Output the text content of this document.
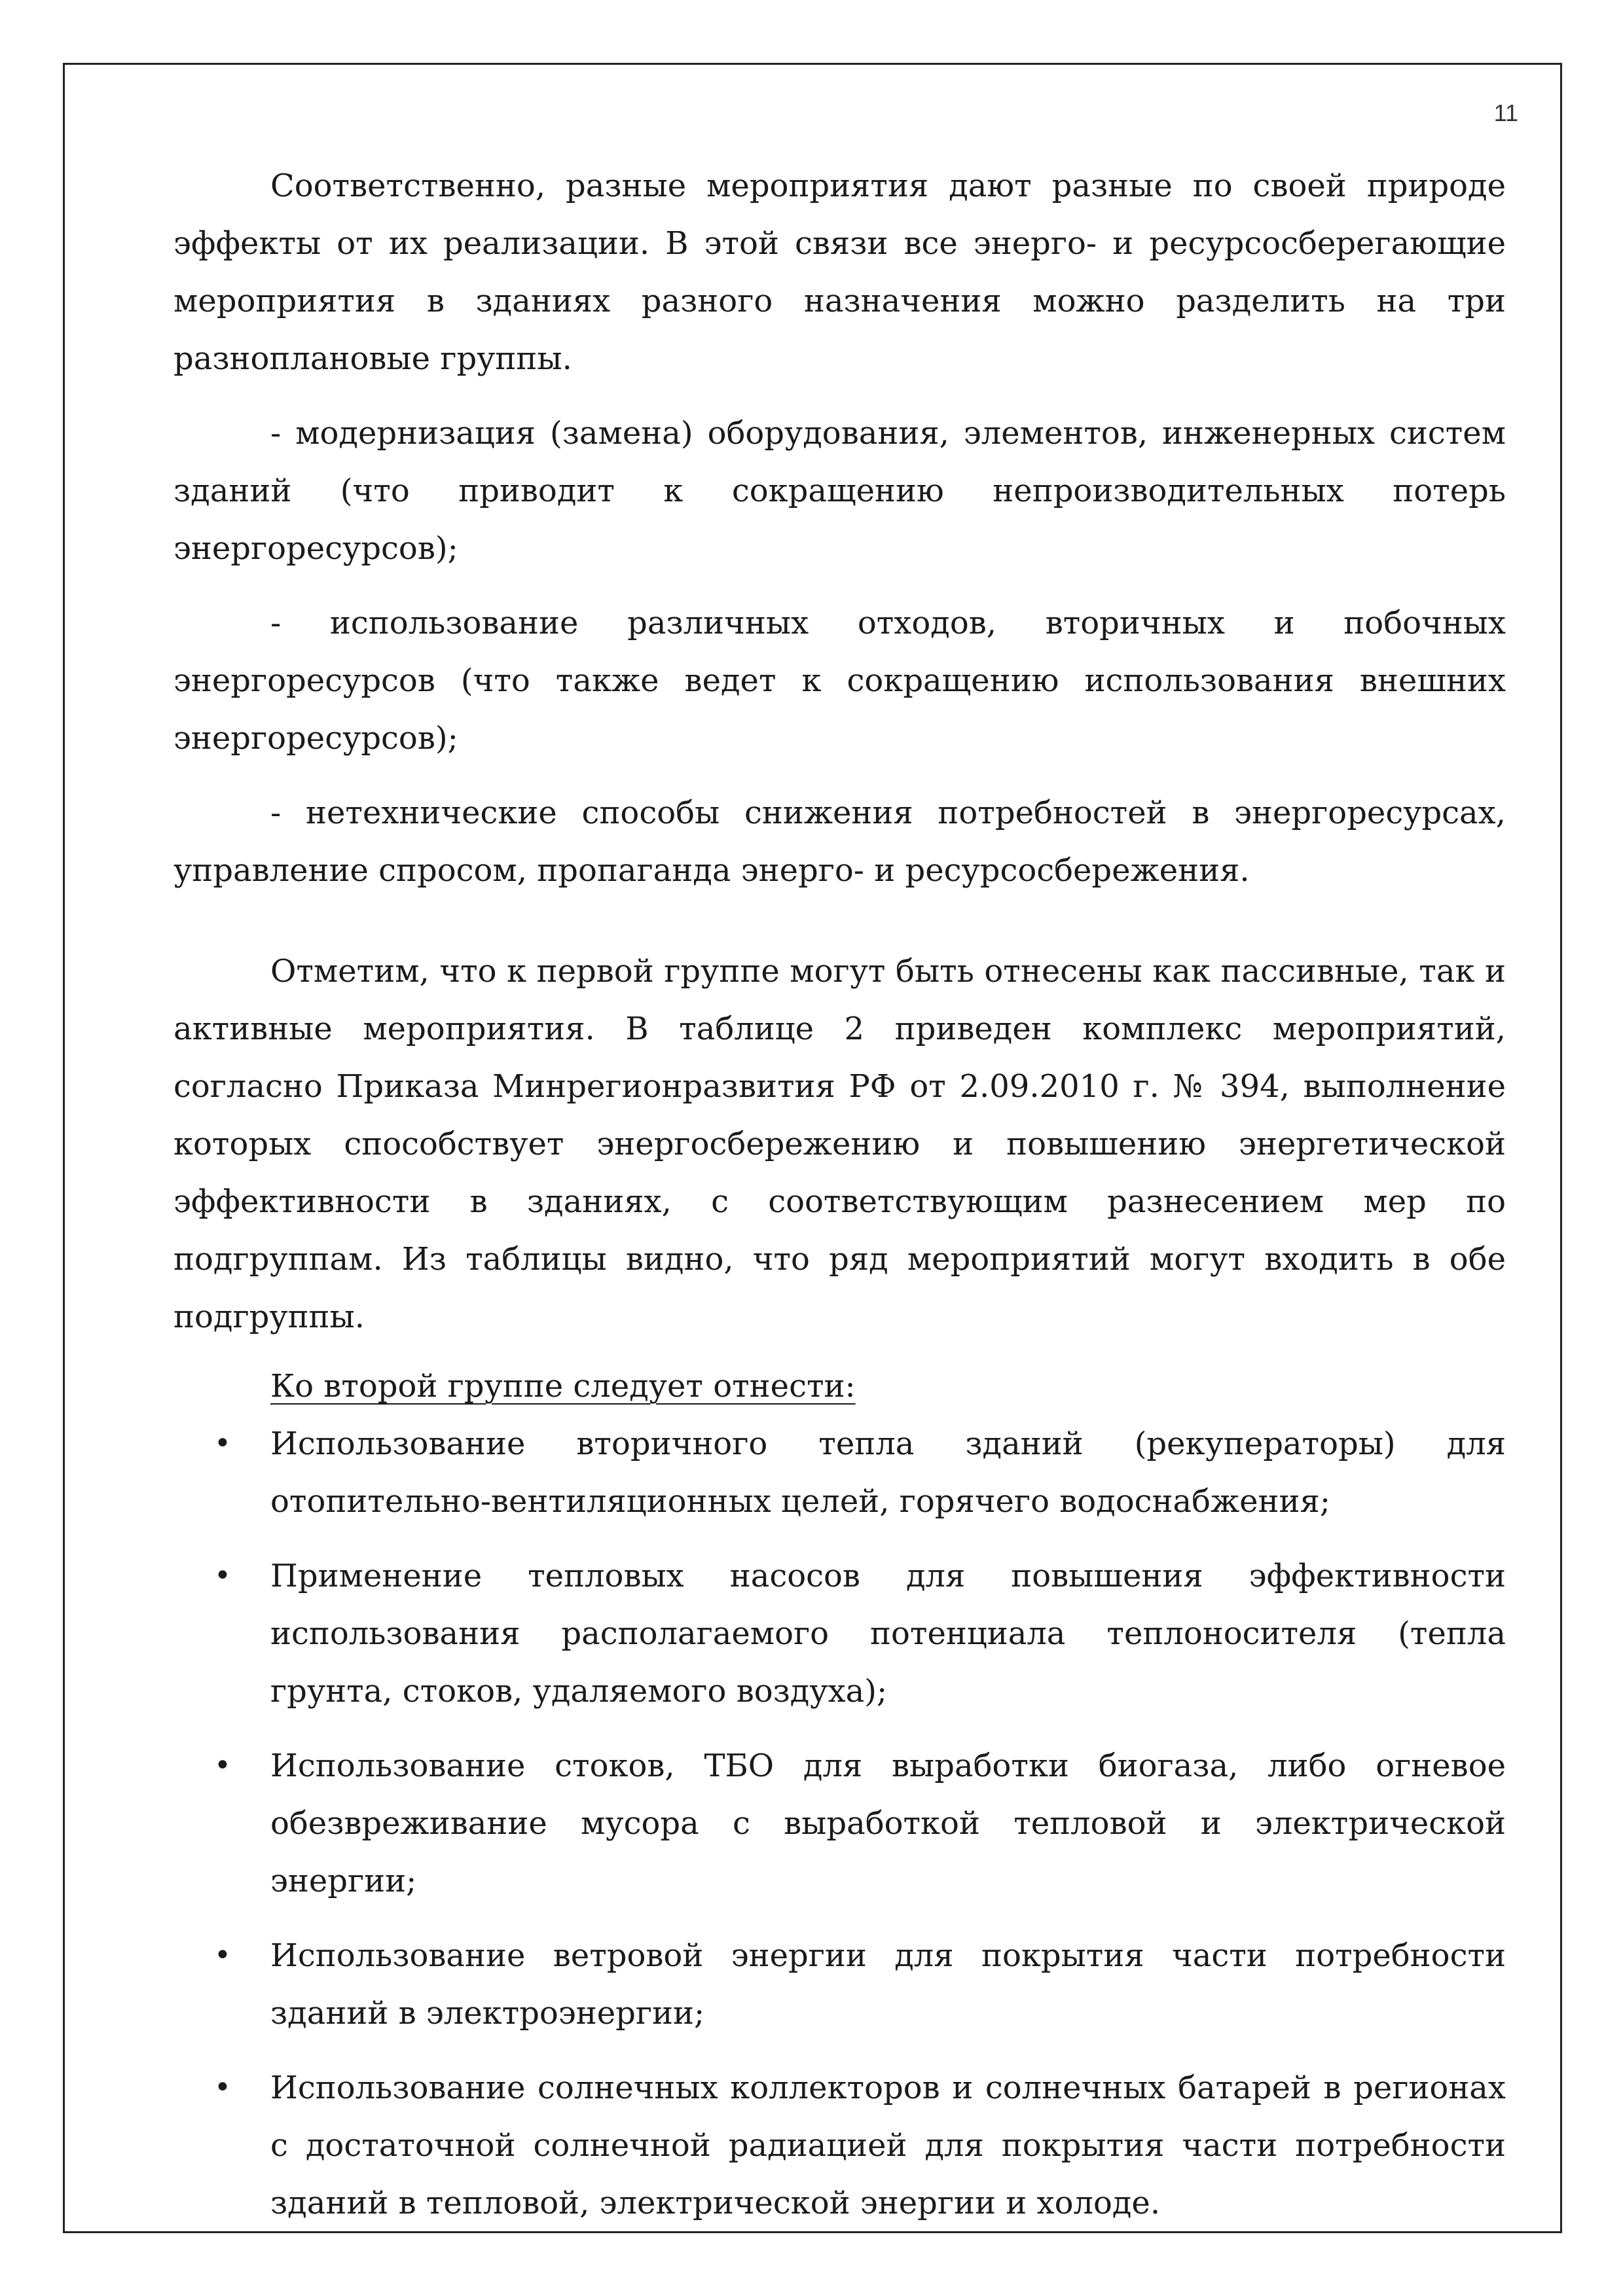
11

Соответственно, разные мероприятия дают разные по своей природе эффекты от их реализации. В этой связи все энерго- и ресурсосберегающие мероприятия в зданиях разного назначения можно разделить на три разноплановые группы.

- модернизация (замена) оборудования, элементов, инженерных систем зданий (что приводит к сокращению непроизводительных потерь энергоресурсов);

- использование различных отходов, вторичных и побочных энергоресурсов (что также ведет к сокращению использования внешних энергоресурсов);

- нетехнические способы снижения потребностей в энергоресурсах, управление спросом, пропаганда энерго- и ресурсосбережения.

Отметим, что к первой группе могут быть отнесены как пассивные, так и активные мероприятия. В таблице 2 приведен комплекс мероприятий, согласно Приказа Минрегионразвития РФ от 2.09.2010 г. № 394, выполнение которых способствует энергосбережению и повышению энергетической эффективности в зданиях, с соответствующим разнесением мер по подгруппам. Из таблицы видно, что ряд мероприятий могут входить в обе подгруппы.

Ко второй группе следует отнести:

• Использование вторичного тепла зданий (рекуператоры) для отопительно-вентиляционных целей, горячего водоснабжения;
• Применение тепловых насосов для повышения эффективности использования располагаемого потенциала теплоносителя (тепла грунта, стоков, удаляемого воздуха);
• Использование стоков, ТБО для выработки биогаза, либо огневое обезвреживание мусора с выработкой тепловой и электрической энергии;
• Использование ветровой энергии для покрытия части потребности зданий в электроэнергии;
• Использование солнечных коллекторов и солнечных батарей в регионах с достаточной солнечной радиацией для покрытия части потребности зданий в тепловой, электрической энергии и холоде.
